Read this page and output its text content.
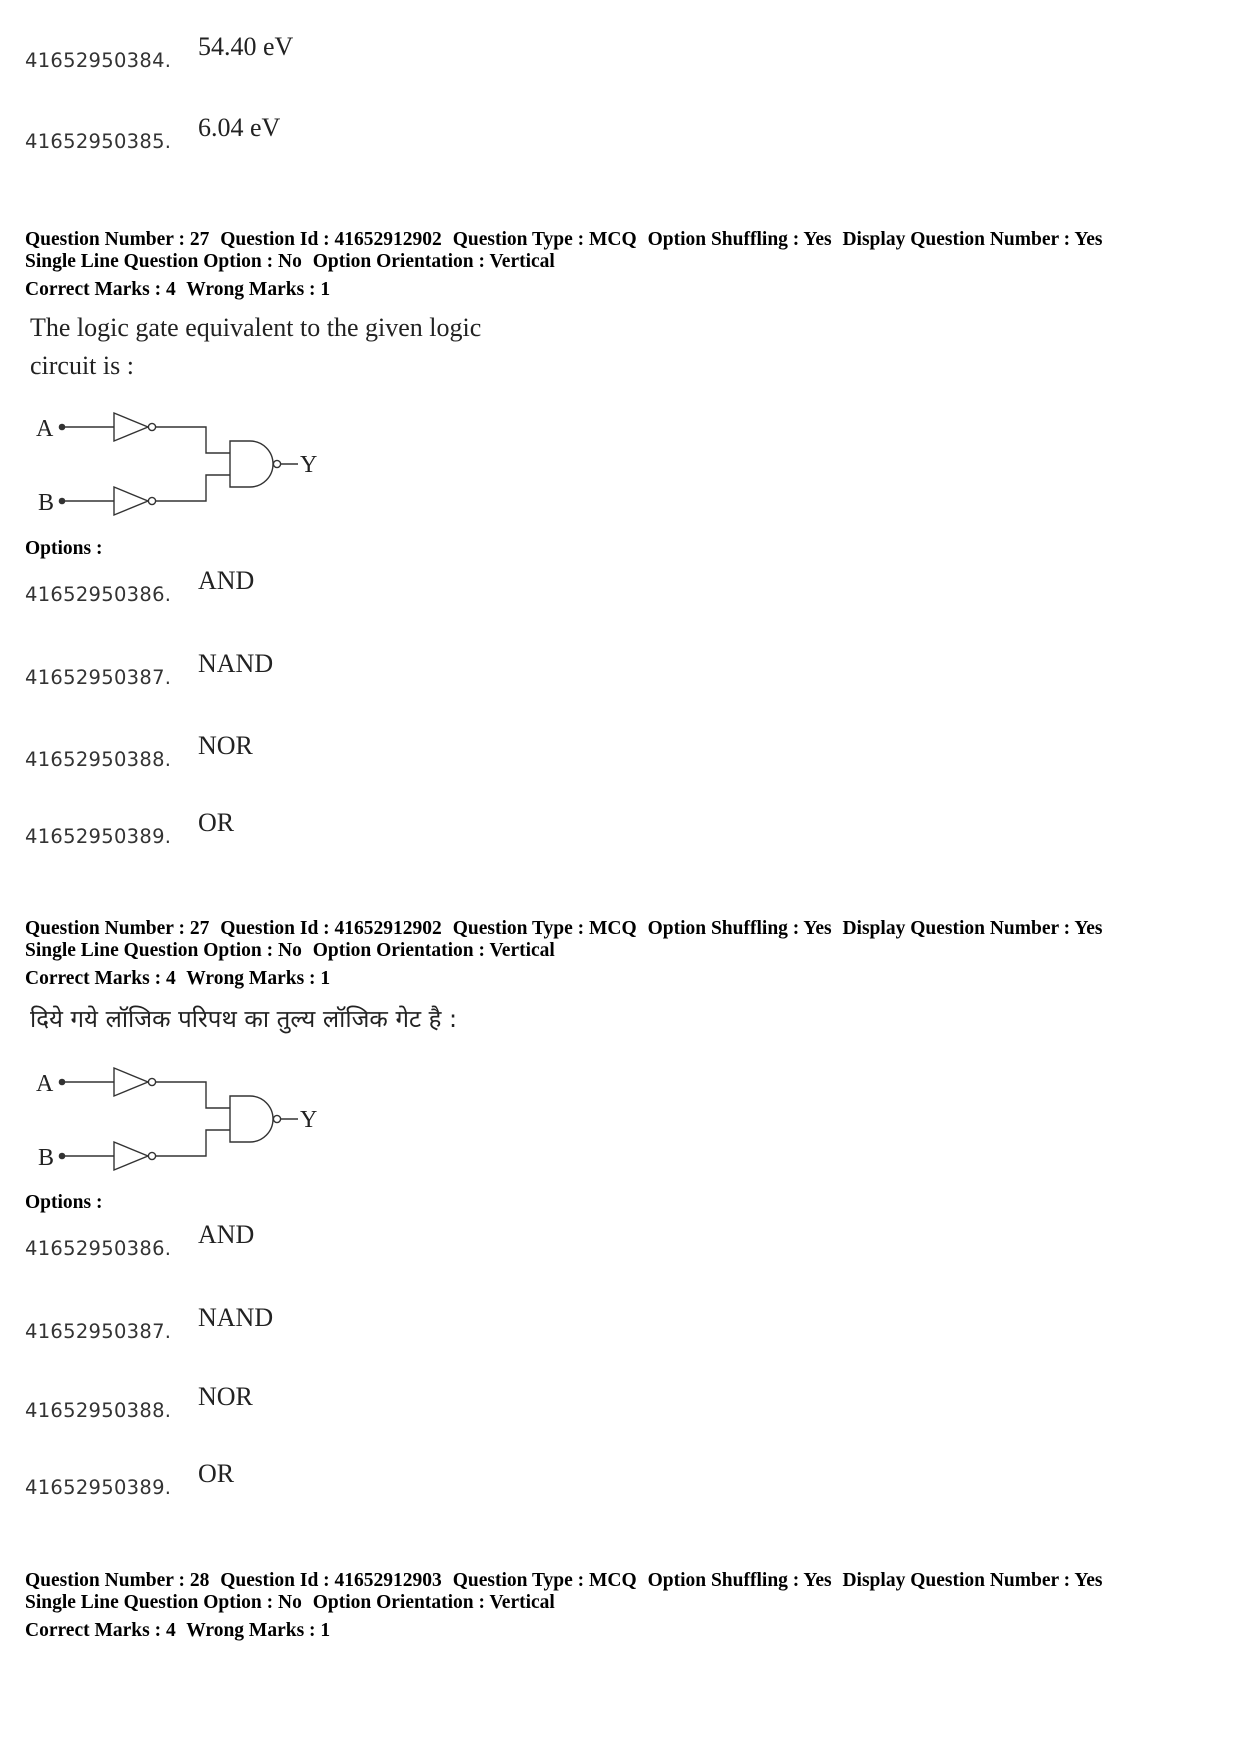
41652950384. 54.40 eV
41652950385. 6.04 eV
Question Number : 27 Question Id : 41652912902 Question Type : MCQ Option Shuffling : Yes Display Question Number : Yes
Single Line Question Option : No Option Orientation : Vertical
Correct Marks : 4 Wrong Marks : 1
The logic gate equivalent to the given logic
circuit is :
A
B
Y
Options :
41652950386. AND
41652950387. NAND
41652950388. NOR
41652950389. OR
Question Number : 27 Question Id : 41652912902 Question Type : MCQ Option Shuffling : Yes Display Question Number : Yes
Single Line Question Option : No Option Orientation : Vertical
Correct Marks : 4 Wrong Marks : 1
दिये गये लॉजिक परिपथ का तुल्य लॉजिक गेट है :
A
B
Y
Options :
41652950386. AND
41652950387. NAND
41652950388. NOR
41652950389. OR
Question Number : 28 Question Id : 41652912903 Question Type : MCQ Option Shuffling : Yes Display Question Number : Yes
Single Line Question Option : No Option Orientation : Vertical
Correct Marks : 4 Wrong Marks : 1
